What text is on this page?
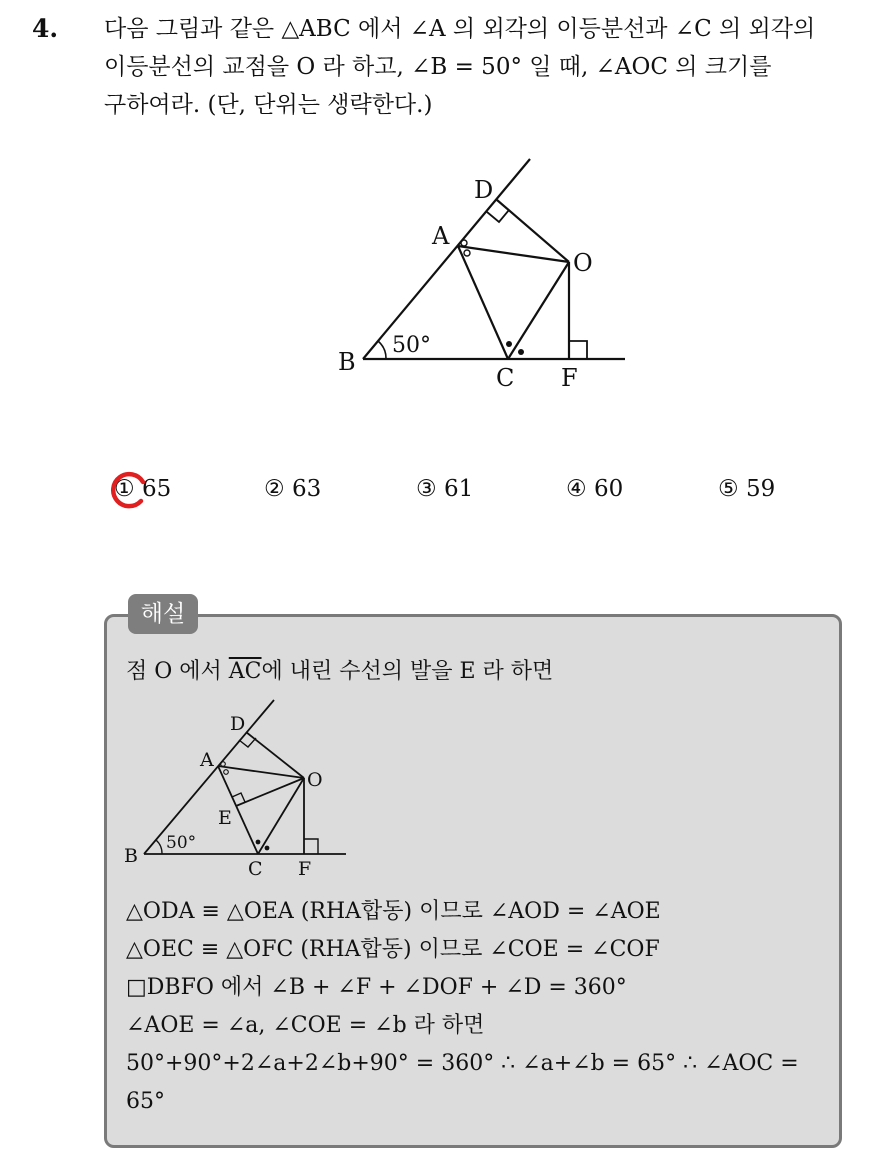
4. 다음 그림과 같은 △ABC 에서 ∠A 의 외각의 이등분선과 ∠C 의 외각의
이등분선의 교점을 O 라 하고, ∠B = 50° 일 때, ∠AOC 의 크기를
구하여라. (단, 단위는 생략한다.)
B
C F
A
D
O
50°
① 65	② 63	③ 61	④ 60	⑤ 59
해설
점 O 에서 $\overline{AC}$에 내린 수선의 발을 E 라 하면
B
C F
A
D
O
E
50°
△ODA ≡ △OEA (RHA합동) 이므로 ∠AOD = ∠AOE
△OEC ≡ △OFC (RHA합동) 이므로 ∠COE = ∠COF
□DBFO 에서 ∠B + ∠F + ∠DOF + ∠D = 360°
∠AOE = ∠a, ∠COE = ∠b 라 하면
50°+90°+2∠a+2∠b+90° = 360° ∴ ∠a+∠b = 65° ∴ ∠AOC =
65°
